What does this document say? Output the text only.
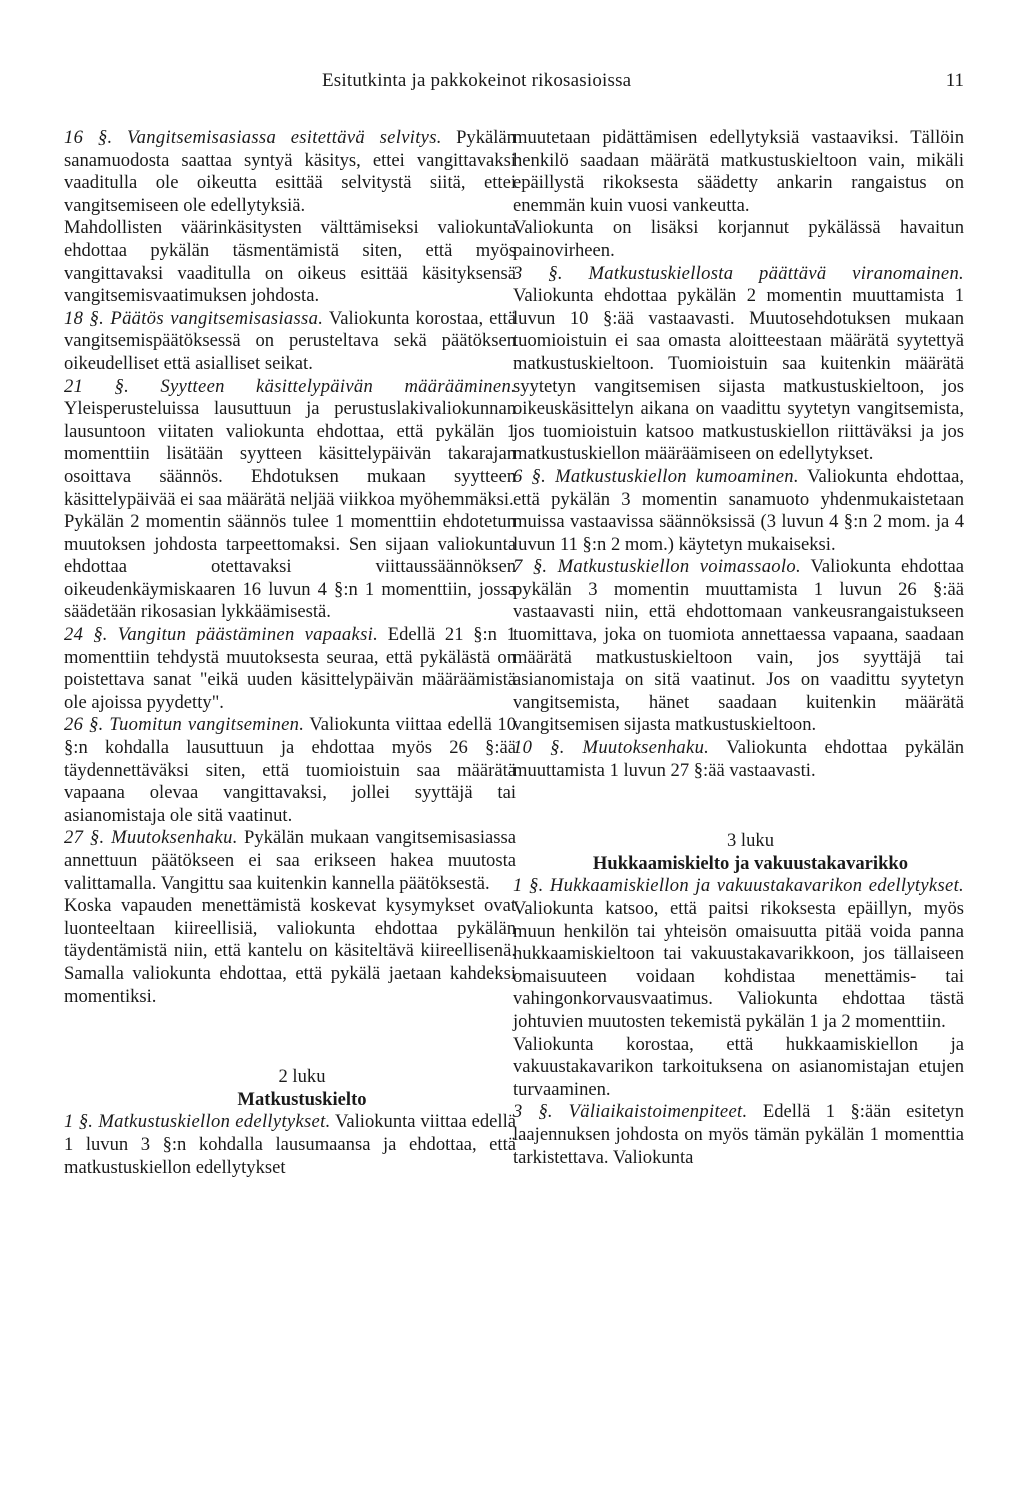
Esitutkinta ja pakkokeinot rikosasioissa	11

16 §. Vangitsemisasiassa esitettävä selvitys. Pykälän sanamuodosta saattaa syntyä käsitys, ettei vangittavaksi vaaditulla ole oikeutta esittää selvitystä siitä, ettei vangitsemiseen ole edellytyksiä.

Mahdollisten väärinkäsitysten välttämiseksi valiokunta ehdottaa pykälän täsmentämistä siten, että myös vangittavaksi vaaditulla on oikeus esittää käsityksensä vangitsemisvaatimuksen johdosta.

18 §. Päätös vangitsemisasiassa. Valiokunta korostaa, että vangitsemispäätöksessä on perusteltava sekä päätöksen oikeudelliset että asialliset seikat.

21 §. Syytteen käsittelypäivän määrääminen. Yleisperusteluissa lausuttuun ja perustuslakivaliokunnan lausuntoon viitaten valiokunta ehdottaa, että pykälän 1 momenttiin lisätään syytteen käsittelypäivän takarajan osoittava säännös. Ehdotuksen mukaan syytteen käsittelypäivää ei saa määrätä neljää viikkoa myöhemmäksi.

Pykälän 2 momentin säännös tulee 1 momenttiin ehdotetun muutoksen johdosta tarpeettomaksi. Sen sijaan valiokunta ehdottaa otettavaksi viittaussäännöksen oikeudenkäymiskaaren 16 luvun 4 §:n 1 momenttiin, jossa säädetään rikosasian lykkäämisestä.

24 §. Vangitun päästäminen vapaaksi. Edellä 21 §:n 1 momenttiin tehdystä muutoksesta seuraa, että pykälästä on poistettava sanat "eikä uuden käsittelypäivän määräämistä ole ajoissa pyydetty".

26 §. Tuomitun vangitseminen. Valiokunta viittaa edellä 10 §:n kohdalla lausuttuun ja ehdottaa myös 26 §:ää täydennettäväksi siten, että tuomioistuin saa määrätä vapaana olevaa vangittavaksi, jollei syyttäjä tai asianomistaja ole sitä vaatinut.

27 §. Muutoksenhaku. Pykälän mukaan vangitsemisasiassa annettuun päätökseen ei saa erikseen hakea muutosta valittamalla. Vangittu saa kuitenkin kannella päätöksestä.

Koska vapauden menettämistä koskevat kysymykset ovat luonteeltaan kiireellisiä, valiokunta ehdottaa pykälän täydentämistä niin, että kantelu on käsiteltävä kiireellisenä. Samalla valiokunta ehdottaa, että pykälä jaetaan kahdeksi momentiksi.

2 luku

Matkustuskielto

1 §. Matkustuskiellon edellytykset. Valiokunta viittaa edellä 1 luvun 3 §:n kohdalla lausumaansa ja ehdottaa, että matkustuskiellon edellytykset

muutetaan pidättämisen edellytyksiä vastaaviksi. Tällöin henkilö saadaan määrätä matkustuskieltoon vain, mikäli epäillystä rikoksesta säädetty ankarin rangaistus on enemmän kuin vuosi vankeutta.

Valiokunta on lisäksi korjannut pykälässä havaitun painovirheen.

3 §. Matkustuskiellosta päättävä viranomainen. Valiokunta ehdottaa pykälän 2 momentin muuttamista 1 luvun 10 §:ää vastaavasti. Muutosehdotuksen mukaan tuomioistuin ei saa omasta aloitteestaan määrätä syytettyä matkustuskieltoon. Tuomioistuin saa kuitenkin määrätä syytetyn vangitsemisen sijasta matkustuskieltoon, jos oikeuskäsittelyn aikana on vaadittu syytetyn vangitsemista, jos tuomioistuin katsoo matkustuskiellon riittäväksi ja jos matkustuskiellon määräämiseen on edellytykset.

6 §. Matkustuskiellon kumoaminen. Valiokunta ehdottaa, että pykälän 3 momentin sanamuoto yhdenmukaistetaan muissa vastaavissa säännöksissä (3 luvun 4 §:n 2 mom. ja 4 luvun 11 §:n 2 mom.) käytetyn mukaiseksi.

7 §. Matkustuskiellon voimassaolo. Valiokunta ehdottaa pykälän 3 momentin muuttamista 1 luvun 26 §:ää vastaavasti niin, että ehdottomaan vankeusrangaistukseen tuomittava, joka on tuomiota annettaessa vapaana, saadaan määrätä matkustuskieltoon vain, jos syyttäjä tai asianomistaja on sitä vaatinut. Jos on vaadittu syytetyn vangitsemista, hänet saadaan kuitenkin määrätä vangitsemisen sijasta matkustuskieltoon.

10 §. Muutoksenhaku. Valiokunta ehdottaa pykälän muuttamista 1 luvun 27 §:ää vastaavasti.

3 luku

Hukkaamiskielto ja vakuustakavarikko

1 §. Hukkaamiskiellon ja vakuustakavarikon edellytykset. Valiokunta katsoo, että paitsi rikoksesta epäillyn, myös muun henkilön tai yhteisön omaisuutta pitää voida panna hukkaamiskieltoon tai vakuustakavarikkoon, jos tällaiseen omaisuuteen voidaan kohdistaa menettämis- tai vahingonkorvausvaatimus. Valiokunta ehdottaa tästä johtuvien muutosten tekemistä pykälän 1 ja 2 momenttiin.

Valiokunta korostaa, että hukkaamiskiellon ja vakuustakavarikon tarkoituksena on asianomistajan etujen turvaaminen.

3 §. Väliaikaistoimenpiteet. Edellä 1 §:ään esitetyn laajennuksen johdosta on myös tämän pykälän 1 momenttia tarkistettava. Valiokunta
